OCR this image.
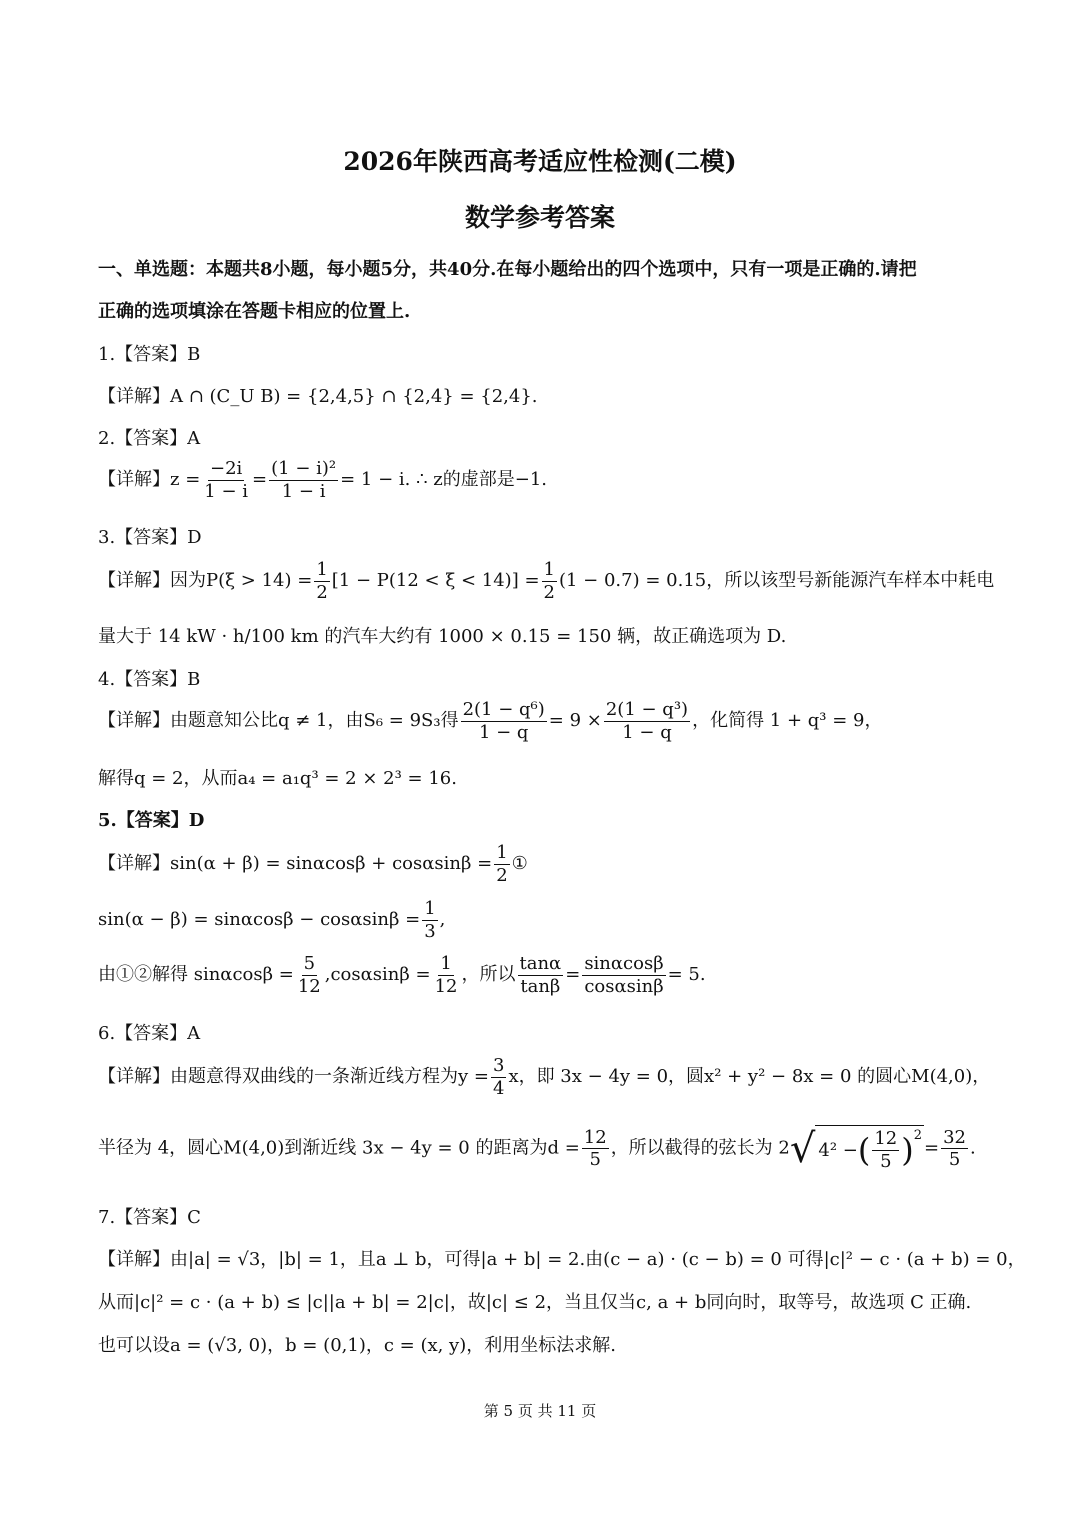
2026年陕西高考适应性检测(二模)
数学参考答案
一、单选题：本题共8小题，每小题5分，共40分.在每小题给出的四个选项中，只有一项是正确的.请把
正确的选项填涂在答题卡相应的位置上.
1.【答案】B
【详解】A ∩ (C_U B) = {2,4,5} ∩ {2,4} = {2,4}.
2.【答案】A
【详解】$z = \frac{-2i}{1 - i} = \frac{\text{(1 − i)²}}{1 - i} = 1 - i$. ∴ z的虚部是−1.
3.【答案】D
【详解】因为$P(\xi > 14) = \frac{1}{2} [1 - P(12 < \xi < 14)] = \frac{1}{2} (1 - 0.7) = 0.15$，所以该型号新能源汽车样本中耗电
量大于 14 kW · h/100 km 的汽车大约有 1000 × 0.15 = 150 辆，故正确选项为 D.
4.【答案】B
【详解】由题意知公比q ≠ 1，由S₆ = 9S₃得 $\frac{\text{2(1 − q⁶)}}{1 - q} = 9 \times \frac{\text{2(1 − q³)}}{1 - q}$ ，化简得 1 + q³ = 9，
解得q = 2，从而a₄ = a₁q³ = 2 × 2³ = 16.
5.【答案】D
【详解】$\sin(\alpha + \beta) = \sin\alpha\cos\beta + \cos\alpha\sin\beta = \frac{1}{2}$ ①
$\sin(\alpha - \beta) = \sin\alpha\cos\beta - \cos\alpha\sin\beta = \frac{1}{3}$ ,
由①②解得 $\sin\alpha\cos\beta = \frac{5}{12} ,\cos\alpha\sin\beta = \frac{1}{12}$ ，所以 $\frac{\tan\alpha}{\tan\beta} = \frac{\sin\alpha\cos\beta}{\cos\alpha\sin\beta} = 5$.
6.【答案】A
【详解】由题意得双曲线的一条渐近线方程为$y = \frac{3}{4}$ x，即 3x − 4y = 0，圆x² + y² − 8x = 0 的圆心M(4,0)，
半径为 4，圆心M(4,0)到渐近线 3x − 4y = 0 的距离为$d = \frac{12}{5}$ ，所以截得的弦长为 2 √ 4² − ( $\frac{12}{5} )^2$
= $\frac{32}{5}$ .
7.【答案】C
【详解】由|a| = √3，|b| = 1，且a ⊥ b，可得|a + b| = 2.由(c − a) · (c − b) = 0 可得|c|² − c · (a + b) = 0，
从而|c|² = c · (a + b) ≤ |c||a + b| = 2|c|，故|c| ≤ 2，当且仅当c, a + b同向时，取等号，故选项 C 正确.
也可以设a = (√3, 0)，b = (0,1)，c = (x, y)，利用坐标法求解.
第 5 页 共 11 页
